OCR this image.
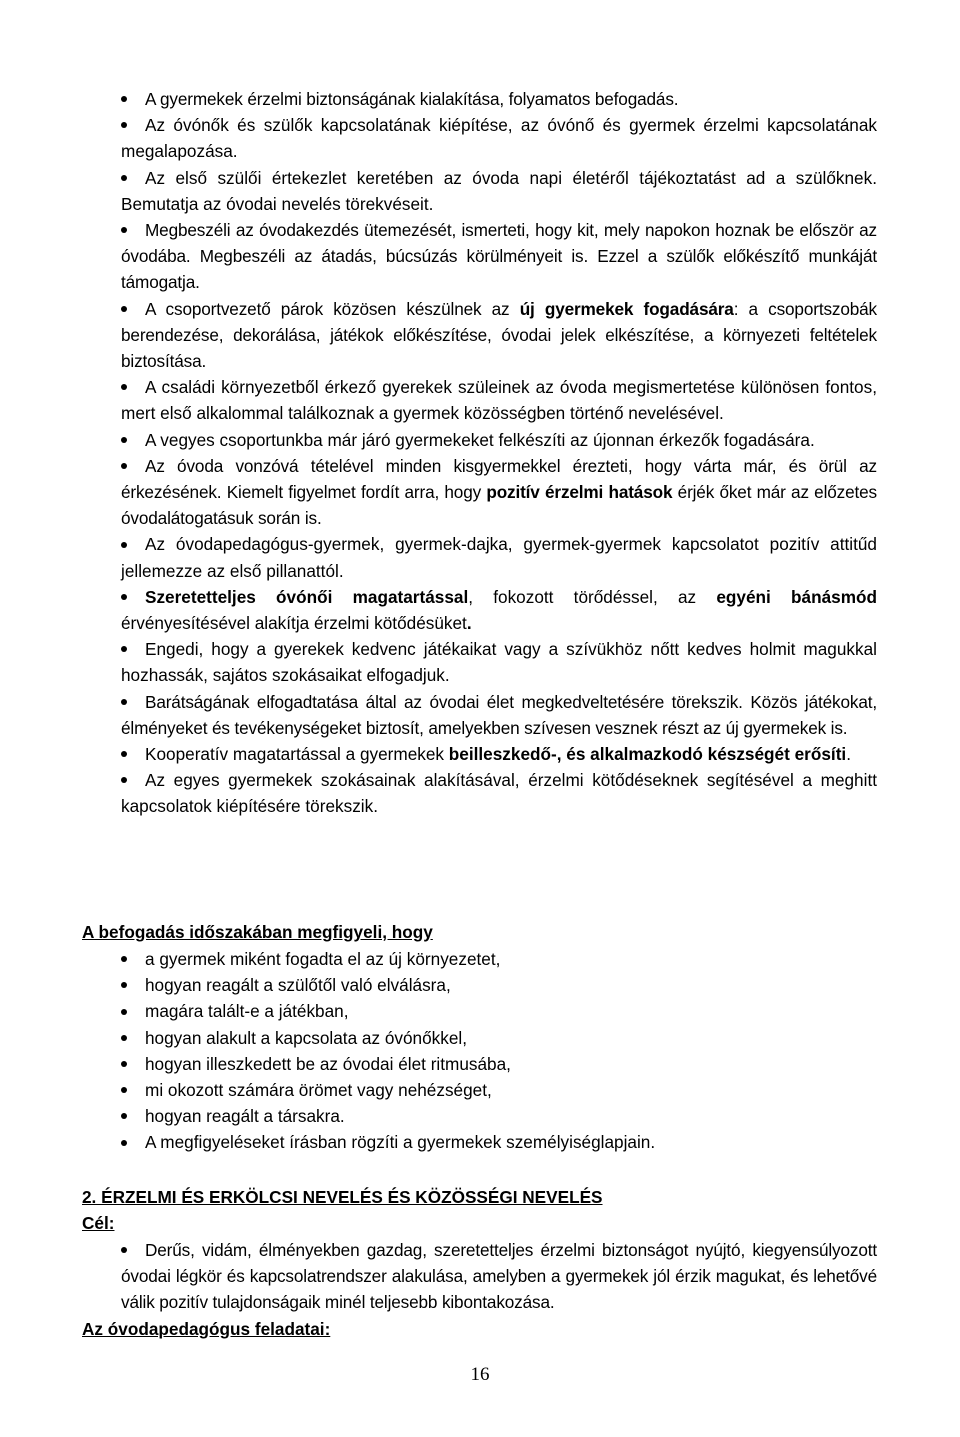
A gyermekek érzelmi biztonságának kialakítása, folyamatos befogadás.
Az óvónők és szülők kapcsolatának kiépítése, az óvónő és gyermek érzelmi kapcsolatának megalapozása.
Az első szülői értekezlet keretében az óvoda napi életéről tájékoztatást ad a szülőknek. Bemutatja az óvodai nevelés törekvéseit.
Megbeszéli az óvodakezdés ütemezését, ismerteti, hogy kit, mely napokon hoznak be először az óvodába. Megbeszéli az átadás, búcsúzás körülményeit is. Ezzel a szülők előkészítő munkáját támogatja.
A csoportvezető párok közösen készülnek az új gyermekek fogadására: a csoportszobák berendezése, dekorálása, játékok előkészítése, óvodai jelek elkészítése, a környezeti feltételek biztosítása.
A családi környezetből érkező gyerekek szüleinek az óvoda megismertetése különösen fontos, mert első alkalommal találkoznak a gyermek közösségben történő nevelésével.
A vegyes csoportunkba már járó gyermekeket felkészíti az újonnan érkezők fogadására.
Az óvoda vonzóvá tételével minden kisgyermekkel érezteti, hogy várta már, és örül az érkezésének. Kiemelt figyelmet fordít arra, hogy pozitív érzelmi hatások érjék őket már az előzetes óvodalátogatásuk során is.
Az óvodapedagógus-gyermek, gyermek-dajka, gyermek-gyermek kapcsolatot pozitív attitűd jellemezze az első pillanattól.
Szeretetteljes óvónői magatartással, fokozott törődéssel, az egyéni bánásmód érvényesítésével alakítja érzelmi kötődésüket.
Engedi, hogy a gyerekek kedvenc játékaikat vagy a szívükhöz nőtt kedves holmit magukkal hozhassák, sajátos szokásaikat elfogadjuk.
Barátságának elfogadtatása által az óvodai élet megkedveltetésére törekszik. Közös játékokat, élményeket és tevékenységeket biztosít, amelyekben szívesen vesznek részt az új gyermekek is.
Kooperatív magatartással a gyermekek beilleszkedő-, és alkalmazkodó készségét erősíti.
Az egyes gyermekek szokásainak alakításával, érzelmi kötődéseknek segítésével a meghitt kapcsolatok kiépítésére törekszik.
A befogadás időszakában megfigyeli, hogy
a gyermek miként fogadta el az új környezetet,
hogyan reagált a szülőtől való elválásra,
magára talált-e a játékban,
hogyan alakult a kapcsolata az óvónőkkel,
hogyan illeszkedett be az óvodai élet ritmusába,
mi okozott számára örömet vagy nehézséget,
hogyan reagált a társakra.
A megfigyeléseket írásban rögzíti a gyermekek személyiséglapjain.
2. ÉRZELMI ÉS ERKÖLCSI NEVELÉS ÉS KÖZÖSSÉGI NEVELÉS
Cél:
Derűs, vidám, élményekben gazdag, szeretetteljes érzelmi biztonságot nyújtó, kiegyensúlyozott óvodai légkör és kapcsolatrendszer alakulása, amelyben a gyermekek jól érzik magukat, és lehetővé válik pozitív tulajdonságaik minél teljesebb kibontakozása.
Az óvodapedagógus feladatai:
16
